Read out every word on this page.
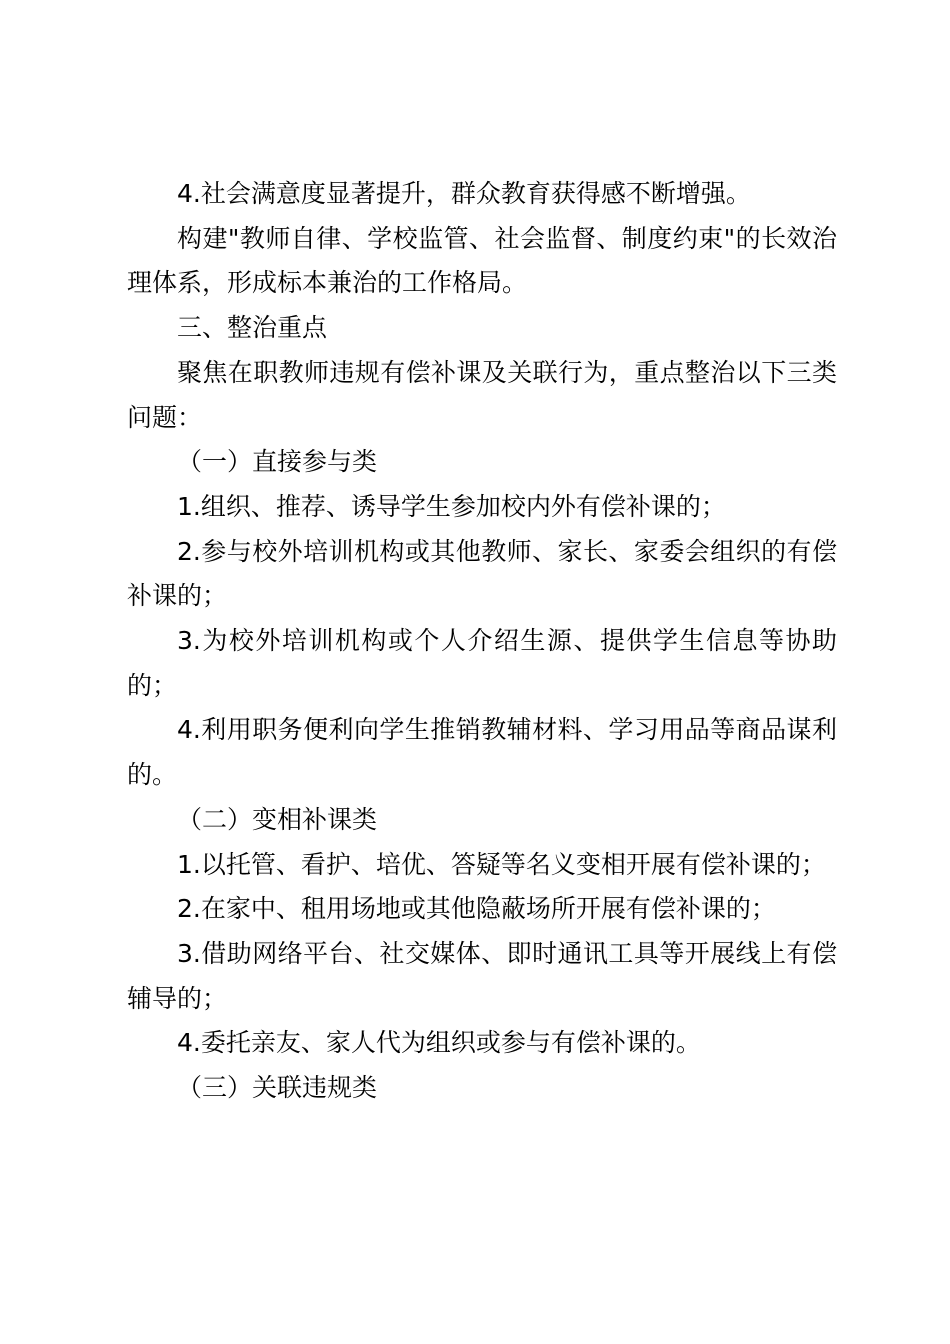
4.社会满意度显著提升，群众教育获得感不断增强。

构建"教师自律、学校监管、社会监督、制度约束"的长效治理体系，形成标本兼治的工作格局。

三、整治重点

聚焦在职教师违规有偿补课及关联行为，重点整治以下三类问题：

（一）直接参与类

1.组织、推荐、诱导学生参加校内外有偿补课的；

2.参与校外培训机构或其他教师、家长、家委会组织的有偿补课的；

3.为校外培训机构或个人介绍生源、提供学生信息等协助的；

4.利用职务便利向学生推销教辅材料、学习用品等商品谋利的。

（二）变相补课类

1.以托管、看护、培优、答疑等名义变相开展有偿补课的；

2.在家中、租用场地或其他隐蔽场所开展有偿补课的；

3.借助网络平台、社交媒体、即时通讯工具等开展线上有偿辅导的；

4.委托亲友、家人代为组织或参与有偿补课的。

（三）关联违规类
